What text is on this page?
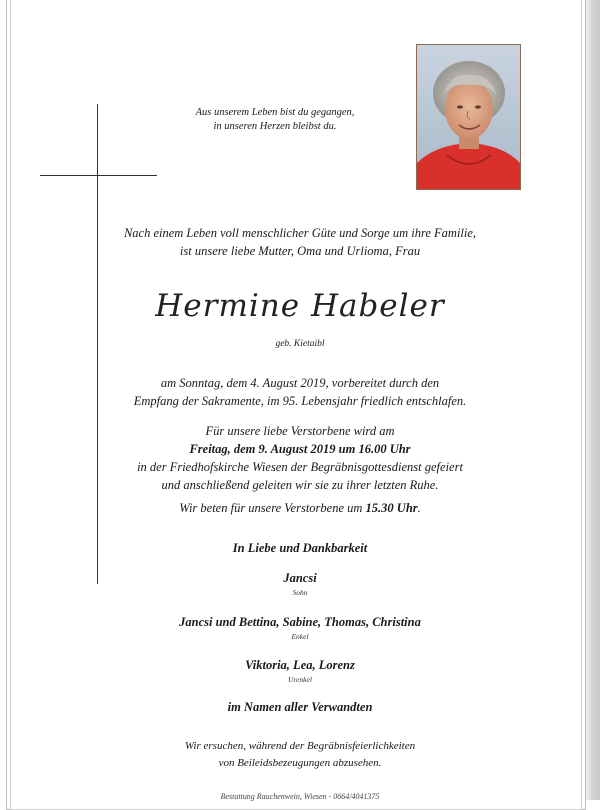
Aus unserem Leben bist du gegangen,
in unseren Herzen bleibst du.
Nach einem Leben voll menschlicher Güte und Sorge um ihre Familie,
ist unsere liebe Mutter, Oma und Urlioma, Frau
Hermine Habeler
geb. Kietaibl
am Sonntag, dem 4. August 2019, vorbereitet durch den
Empfang der Sakramente, im 95. Lebensjahr friedlich entschlafen.
Für unsere liebe Verstorbene wird am
Freitag, dem 9. August 2019 um 16.00 Uhr
in der Friedhofskirche Wiesen der Begräbnisgottesdienst gefeiert
und anschließend geleiten wir sie zu ihrer letzten Ruhe.
Wir beten für unsere Verstorbene um 15.30 Uhr.
In Liebe und Dankbarkeit
Jancsi
Sohn
Jancsi und Bettina, Sabine, Thomas, Christina
Enkel
Viktoria, Lea, Lorenz
Urenkel
im Namen aller Verwandten
Wir ersuchen, während der Begräbnisfeierlichkeiten
von Beileidsbezeugungen abzusehen.
Bestattung Rauchenwein, Wiesen - 0664/4041375
